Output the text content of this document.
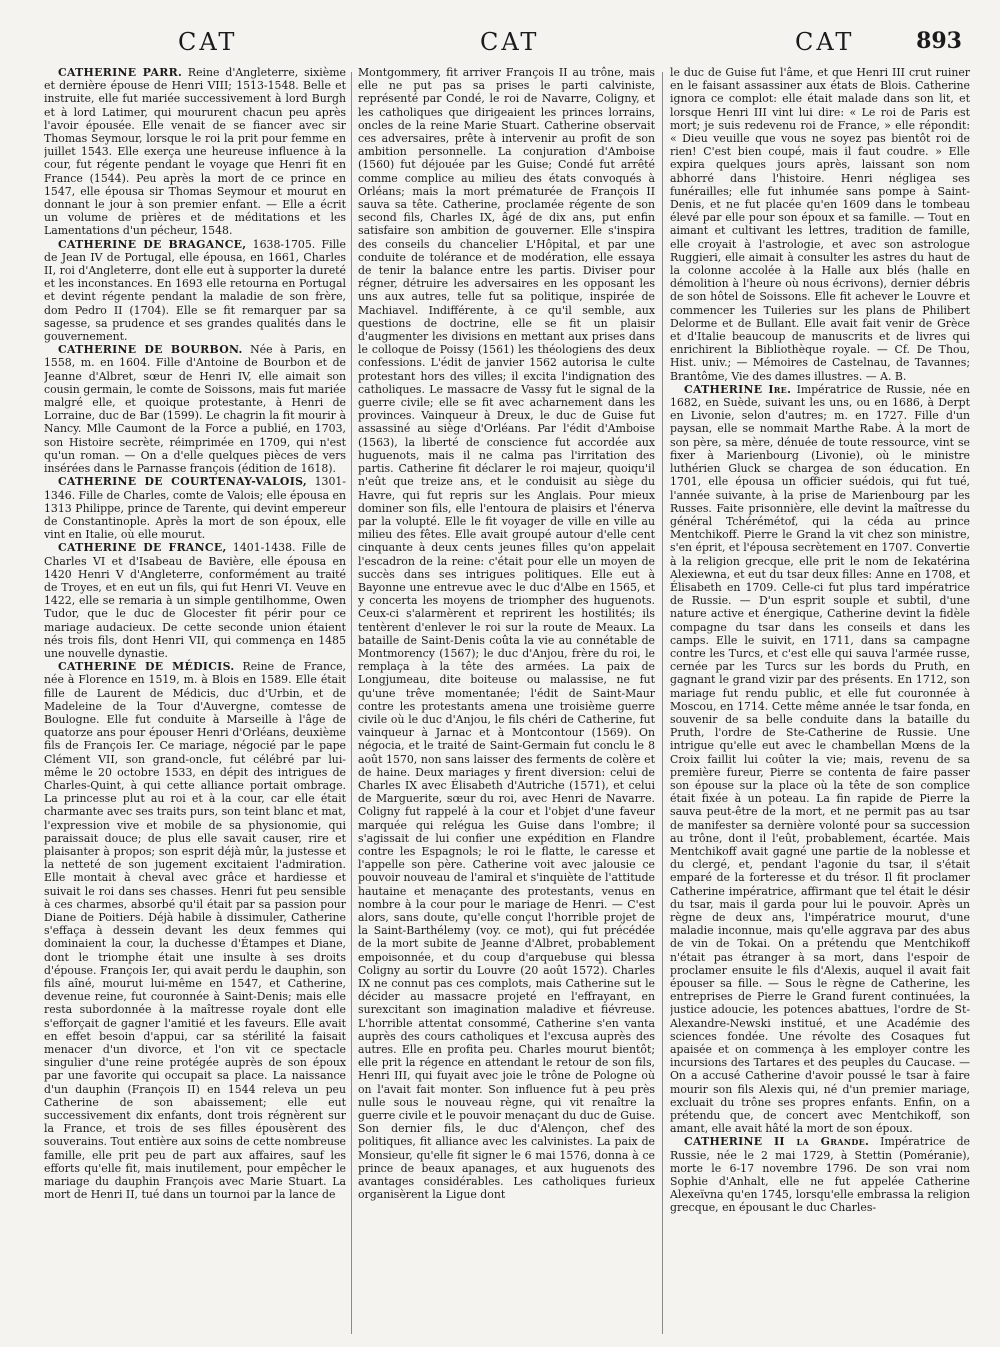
CAT	CAT	CAT	893

CATHERINE PARR. Reine d'Angleterre, sixième et dernière épouse de Henri VIII; 1513-1548. Belle et instruite, elle fut mariée successivement à lord Burgh et à lord Latimer, qui moururent chacun peu après l'avoir épousée. Elle venait de se fiancer avec sir Thomas Seymour, lorsque le roi la prit pour femme en juillet 1543. Elle exerça une heureuse influence à la cour, fut régente pendant le voyage que Henri fit en France (1544). Peu après la mort de ce prince en 1547, elle épousa sir Thomas Seymour et mourut en donnant le jour à son premier enfant. — Elle a écrit un volume de prières et de méditations et les Lamentations d'un pécheur, 1548.

CATHERINE DE BRAGANCE, 1638-1705. Fille de Jean IV de Portugal, elle épousa, en 1661, Charles II, roi d'Angleterre, dont elle eut à supporter la dureté et les inconstances. En 1693 elle retourna en Portugal et devint régente pendant la maladie de son frère, dom Pedro II (1704). Elle se fit remarquer par sa sagesse, sa prudence et ses grandes qualités dans le gouvernement.

CATHERINE DE BOURBON. Née à Paris, en 1558, m. en 1604. Fille d'Antoine de Bourbon et de Jeanne d'Albret, sœur de Henri IV, elle aimait son cousin germain, le comte de Soissons, mais fut mariée malgré elle, et quoique protestante, à Henri de Lorraine, duc de Bar (1599). Le chagrin la fit mourir à Nancy. Mlle Caumont de la Force a publié, en 1703, son Histoire secrète, réimprimée en 1709, qui n'est qu'un roman. — On a d'elle quelques pièces de vers insérées dans le Parnasse françois (édition de 1618).

CATHERINE DE COURTENAY-VALOIS, 1301-1346. Fille de Charles, comte de Valois; elle épousa en 1313 Philippe, prince de Tarente, qui devint empereur de Constantinople. Après la mort de son époux, elle vint en Italie, où elle mourut.

CATHERINE DE FRANCE, 1401-1438. Fille de Charles VI et d'Isabeau de Bavière, elle épousa en 1420 Henri V d'Angleterre, conformément au traité de Troyes, et en eut un fils, qui fut Henri VI. Veuve en 1422, elle se remaria à un simple gentilhomme, Owen Tudor, que le duc de Glocester fit périr pour ce mariage audacieux. De cette seconde union étaient nés trois fils, dont Henri VII, qui commença en 1485 une nouvelle dynastie.

CATHERINE DE MÉDICIS. Reine de France, née à Florence en 1519, m. à Blois en 1589. Elle était fille de Laurent de Médicis, duc d'Urbin, et de Madeleine de la Tour d'Auvergne, comtesse de Boulogne. Elle fut conduite à Marseille à l'âge de quatorze ans pour épouser Henri d'Orléans, deuxième fils de François Ier. Ce mariage, négocié par le pape Clément VII, son grand-oncle, fut célébré par lui-même le 20 octobre 1533, en dépit des intrigues de Charles-Quint, à qui cette alliance portait ombrage. La princesse plut au roi et à la cour, car elle était charmante avec ses traits purs, son teint blanc et mat, l'expression vive et mobile de sa physionomie, qui paraissait douce; de plus elle savait causer, rire et plaisanter à propos; son esprit déjà mûr, la justesse et la netteté de son jugement excitaient l'admiration. Elle montait à cheval avec grâce et hardiesse et suivait le roi dans ses chasses. Henri fut peu sensible à ces charmes, absorbé qu'il était par sa passion pour Diane de Poitiers. Déjà habile à dissimuler, Catherine s'effaça à dessein devant les deux femmes qui dominaient la cour, la duchesse d'Étampes et Diane, dont le triomphe était une insulte à ses droits d'épouse. François Ier, qui avait perdu le dauphin, son fils aîné, mourut lui-même en 1547, et Catherine, devenue reine, fut couronnée à Saint-Denis; mais elle resta subordonnée à la maîtresse royale dont elle s'efforçait de gagner l'amitié et les faveurs. Elle avait en effet besoin d'appui, car sa stérilité la faisait menacer d'un divorce, et l'on vit ce spectacle singulier d'une reine protégée auprès de son époux par une favorite qui occupait sa place. La naissance d'un dauphin (François II) en 1544 releva un peu Catherine de son abaissement; elle eut successivement dix enfants, dont trois régnèrent sur la France, et trois de ses filles épousèrent des souverains. Tout entière aux soins de cette nombreuse famille, elle prit peu de part aux affaires, sauf les efforts qu'elle fit, mais inutilement, pour empêcher le mariage du dauphin François avec Marie Stuart. La mort de Henri II, tué dans un tournoi par la lance de

Montgommery, fit arriver François II au trône, mais elle ne put pas sa prises le parti calviniste, représenté par Condé, le roi de Navarre, Coligny, et les catholiques que dirigeaient les princes lorrains, oncles de la reine Marie Stuart. Catherine observait ces adversaires, prête à intervenir au profit de son ambition personnelle. La conjuration d'Amboise (1560) fut déjouée par les Guise; Condé fut arrêté comme complice au milieu des états convoqués à Orléans; mais la mort prématurée de François II sauva sa tête. Catherine, proclamée régente de son second fils, Charles IX, âgé de dix ans, put enfin satisfaire son ambition de gouverner. Elle s'inspira des conseils du chancelier L'Hôpital, et par une conduite de tolérance et de modération, elle essaya de tenir la balance entre les partis. Diviser pour régner, détruire les adversaires en les opposant les uns aux autres, telle fut sa politique, inspirée de Machiavel. Indifférente, à ce qu'il semble, aux questions de doctrine, elle se fit un plaisir d'augmenter les divisions en mettant aux prises dans le colloque de Poissy (1561) les théologiens des deux confessions. L'édit de janvier 1562 autorisa le culte protestant hors des villes; il excita l'indignation des catholiques. Le massacre de Vassy fut le signal de la guerre civile; elle se fit avec acharnement dans les provinces. Vainqueur à Dreux, le duc de Guise fut assassiné au siège d'Orléans. Par l'édit d'Amboise (1563), la liberté de conscience fut accordée aux huguenots, mais il ne calma pas l'irritation des partis. Catherine fit déclarer le roi majeur, quoiqu'il n'eût que treize ans, et le conduisit au siège du Havre, qui fut repris sur les Anglais. Pour mieux dominer son fils, elle l'entoura de plaisirs et l'énerva par la volupté. Elle le fit voyager de ville en ville au milieu des fêtes. Elle avait groupé autour d'elle cent cinquante à deux cents jeunes filles qu'on appelait l'escadron de la reine: c'était pour elle un moyen de succès dans ses intrigues politiques. Elle eut à Bayonne une entrevue avec le duc d'Albe en 1565, et y concerta les moyens de triompher des huguenots. Ceux-ci s'alarmèrent et reprirent les hostilités; ils tentèrent d'enlever le roi sur la route de Meaux. La bataille de Saint-Denis coûta la vie au connétable de Montmorency (1567); le duc d'Anjou, frère du roi, le remplaça à la tête des armées. La paix de Longjumeau, dite boiteuse ou malassise, ne fut qu'une trêve momentanée; l'édit de Saint-Maur contre les protestants amena une troisième guerre civile où le duc d'Anjou, le fils chéri de Catherine, fut vainqueur à Jarnac et à Montcontour (1569). On négocia, et le traité de Saint-Germain fut conclu le 8 août 1570, non sans laisser des ferments de colère et de haine. Deux mariages y firent diversion: celui de Charles IX avec Élisabeth d'Autriche (1571), et celui de Marguerite, sœur du roi, avec Henri de Navarre. Coligny fut rappelé à la cour et l'objet d'une faveur marquée qui relégua les Guise dans l'ombre; il s'agissait de lui confier une expédition en Flandre contre les Espagnols; le roi le flatte, le caresse et l'appelle son père. Catherine voit avec jalousie ce pouvoir nouveau de l'amiral et s'inquiète de l'attitude hautaine et menaçante des protestants, venus en nombre à la cour pour le mariage de Henri. — C'est alors, sans doute, qu'elle conçut l'horrible projet de la Saint-Barthélemy (voy. ce mot), qui fut précédée de la mort subite de Jeanne d'Albret, probablement empoisonnée, et du coup d'arquebuse qui blessa Coligny au sortir du Louvre (20 août 1572). Charles IX ne connut pas ces complots, mais Catherine sut le décider au massacre projeté en l'effrayant, en surexcitant son imagination maladive et fiévreuse. L'horrible attentat consommé, Catherine s'en vanta auprès des cours catholiques et l'excusa auprès des autres. Elle en profita peu. Charles mourut bientôt; elle prit la régence en attendant le retour de son fils, Henri III, qui fuyait avec joie le trône de Pologne où on l'avait fait monter. Son influence fut à peu près nulle sous le nouveau règne, qui vit renaître la guerre civile et le pouvoir menaçant du duc de Guise. Son dernier fils, le duc d'Alençon, chef des politiques, fit alliance avec les calvinistes. La paix de Monsieur, qu'elle fit signer le 6 mai 1576, donna à ce prince de beaux apanages, et aux huguenots des avantages considérables. Les catholiques furieux organisèrent la Ligue dont

le duc de Guise fut l'âme, et que Henri III crut ruiner en le faisant assassiner aux états de Blois. Catherine ignora ce complot: elle était malade dans son lit, et lorsque Henri III vint lui dire: « Le roi de Paris est mort; je suis redevenu roi de France, » elle répondit: « Dieu veuille que vous ne soyez pas bientôt roi de rien! C'est bien coupé, mais il faut coudre. » Elle expira quelques jours après, laissant son nom abhorré dans l'histoire. Henri négligea ses funérailles; elle fut inhumée sans pompe à Saint-Denis, et ne fut placée qu'en 1609 dans le tombeau élevé par elle pour son époux et sa famille. — Tout en aimant et cultivant les lettres, tradition de famille, elle croyait à l'astrologie, et avec son astrologue Ruggieri, elle aimait à consulter les astres du haut de la colonne accolée à la Halle aux blés (halle en démolition à l'heure où nous écrivons), dernier débris de son hôtel de Soissons. Elle fit achever le Louvre et commencer les Tuileries sur les plans de Philibert Delorme et de Bullant. Elle avait fait venir de Grèce et d'Italie beaucoup de manuscrits et de livres qui enrichirent la Bibliothèque royale. — Cf. De Thou, Hist. univ.; — Mémoires de Castelnau, de Tavannes; Brantôme, Vie des dames illustres. — A. B.

CATHERINE Ire. Impératrice de Russie, née en 1682, en Suède, suivant les uns, ou en 1686, à Derpt en Livonie, selon d'autres; m. en 1727. Fille d'un paysan, elle se nommait Marthe Rabe. À la mort de son père, sa mère, dénuée de toute ressource, vint se fixer à Marienbourg (Livonie), où le ministre luthérien Gluck se chargea de son éducation. En 1701, elle épousa un officier suédois, qui fut tué, l'année suivante, à la prise de Marienbourg par les Russes. Faite prisonnière, elle devint la maîtresse du général Tchérémétof, qui la céda au prince Mentchikoff. Pierre le Grand la vit chez son ministre, s'en éprit, et l'épousa secrètement en 1707. Convertie à la religion grecque, elle prit le nom de Iekatérina Alexiewna, et eut du tsar deux filles: Anne en 1708, et Élisabeth en 1709. Celle-ci fut plus tard impératrice de Russie. — D'un esprit souple et subtil, d'une nature active et énergique, Catherine devint la fidèle compagne du tsar dans les conseils et dans les camps. Elle le suivit, en 1711, dans sa campagne contre les Turcs, et c'est elle qui sauva l'armée russe, cernée par les Turcs sur les bords du Pruth, en gagnant le grand vizir par des présents. En 1712, son mariage fut rendu public, et elle fut couronnée à Moscou, en 1714. Cette même année le tsar fonda, en souvenir de sa belle conduite dans la bataille du Pruth, l'ordre de Ste-Catherine de Russie. Une intrigue qu'elle eut avec le chambellan Mœns de la Croix faillit lui coûter la vie; mais, revenu de sa première fureur, Pierre se contenta de faire passer son épouse sur la place où la tête de son complice était fixée à un poteau. La fin rapide de Pierre la sauva peut-être de la mort, et ne permit pas au tsar de manifester sa dernière volonté pour sa succession au trône, dont il l'eût, probablement, écartée. Mais Mentchikoff avait gagné une partie de la noblesse et du clergé, et, pendant l'agonie du tsar, il s'était emparé de la forteresse et du trésor. Il fit proclamer Catherine impératrice, affirmant que tel était le désir du tsar, mais il garda pour lui le pouvoir. Après un règne de deux ans, l'impératrice mourut, d'une maladie inconnue, mais qu'elle aggrava par des abus de vin de Tokai. On a prétendu que Mentchikoff n'était pas étranger à sa mort, dans l'espoir de proclamer ensuite le fils d'Alexis, auquel il avait fait épouser sa fille. — Sous le règne de Catherine, les entreprises de Pierre le Grand furent continuées, la justice adoucie, les potences abattues, l'ordre de St-Alexandre-Newski institué, et une Académie des sciences fondée. Une révolte des Cosaques fut apaisée et on commença à les employer contre les incursions des Tartares et des peuples du Caucase. — On a accusé Catherine d'avoir poussé le tsar à faire mourir son fils Alexis qui, né d'un premier mariage, excluait du trône ses propres enfants. Enfin, on a prétendu que, de concert avec Mentchikoff, son amant, elle avait hâté la mort de son époux.

CATHERINE II la Grande. Impératrice de Russie, née le 2 mai 1729, à Stettin (Poméranie), morte le 6-17 novembre 1796. De son vrai nom Sophie d'Anhalt, elle ne fut appelée Catherine Alexeïvna qu'en 1745, lorsqu'elle embrassa la religion grecque, en épousant le duc Charles-
